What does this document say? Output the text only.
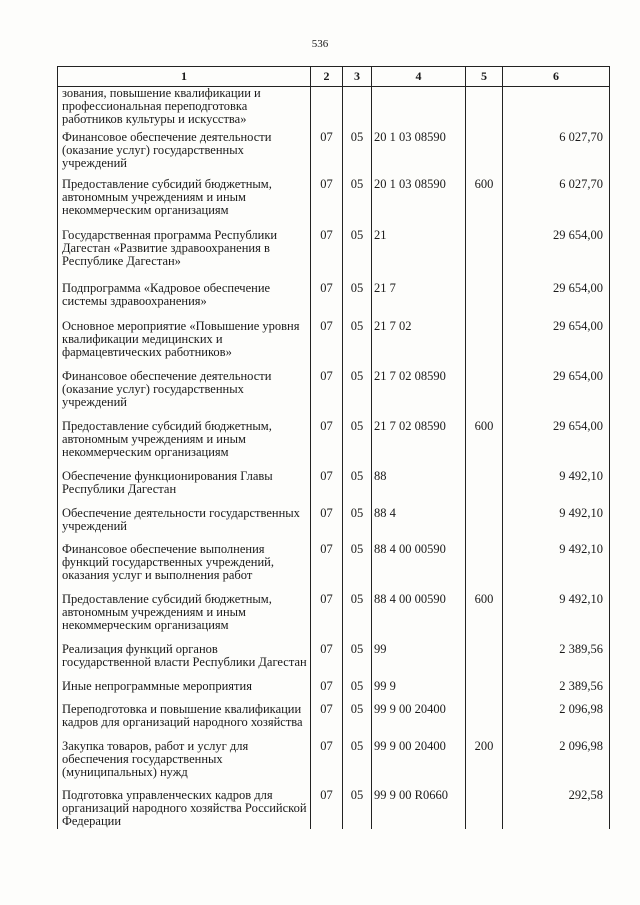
536
1	2	3	4	5	6
зования, повышение квалификации и профессиональная переподготовка работников культуры и искусства»					
Финансовое обеспечение деятельности (оказание услуг) государственных учреждений	07	05	20 1 03 08590		6 027,70
Предоставление субсидий бюджетным, автономным учреждениям и иным некоммерческим организациям	07	05	20 1 03 08590	600	6 027,70
Государственная программа Республики Дагестан «Развитие здравоохранения в Республике Дагестан»	07	05	21		29 654,00
Подпрограмма «Кадровое обеспечение системы здравоохранения»	07	05	21 7		29 654,00
Основное мероприятие «Повышение уровня квалификации медицинских и фармацевтических работников»	07	05	21 7 02		29 654,00
Финансовое обеспечение деятельности (оказание услуг) государственных учреждений	07	05	21 7 02 08590		29 654,00
Предоставление субсидий бюджетным, автономным учреждениям и иным некоммерческим организациям	07	05	21 7 02 08590	600	29 654,00
Обеспечение функционирования Главы Республики Дагестан	07	05	88		9 492,10
Обеспечение деятельности государственных учреждений	07	05	88 4		9 492,10
Финансовое обеспечение выполнения функций государственных учреждений, оказания услуг и выполнения работ	07	05	88 4 00 00590		9 492,10
Предоставление субсидий бюджетным, автономным учреждениям и иным некоммерческим организациям	07	05	88 4 00 00590	600	9 492,10
Реализация функций органов государственной власти Республики Дагестан	07	05	99		2 389,56
Иные непрограммные мероприятия	07	05	99 9		2 389,56
Переподготовка и повышение квалификации кадров для организаций народного хозяйства	07	05	99 9 00 20400		2 096,98
Закупка товаров, работ и услуг для обеспечения государственных (муниципальных) нужд	07	05	99 9 00 20400	200	2 096,98
Подготовка управленческих кадров для организаций народного хозяйства Российской Федерации	07	05	99 9 00 R0660		292,58
